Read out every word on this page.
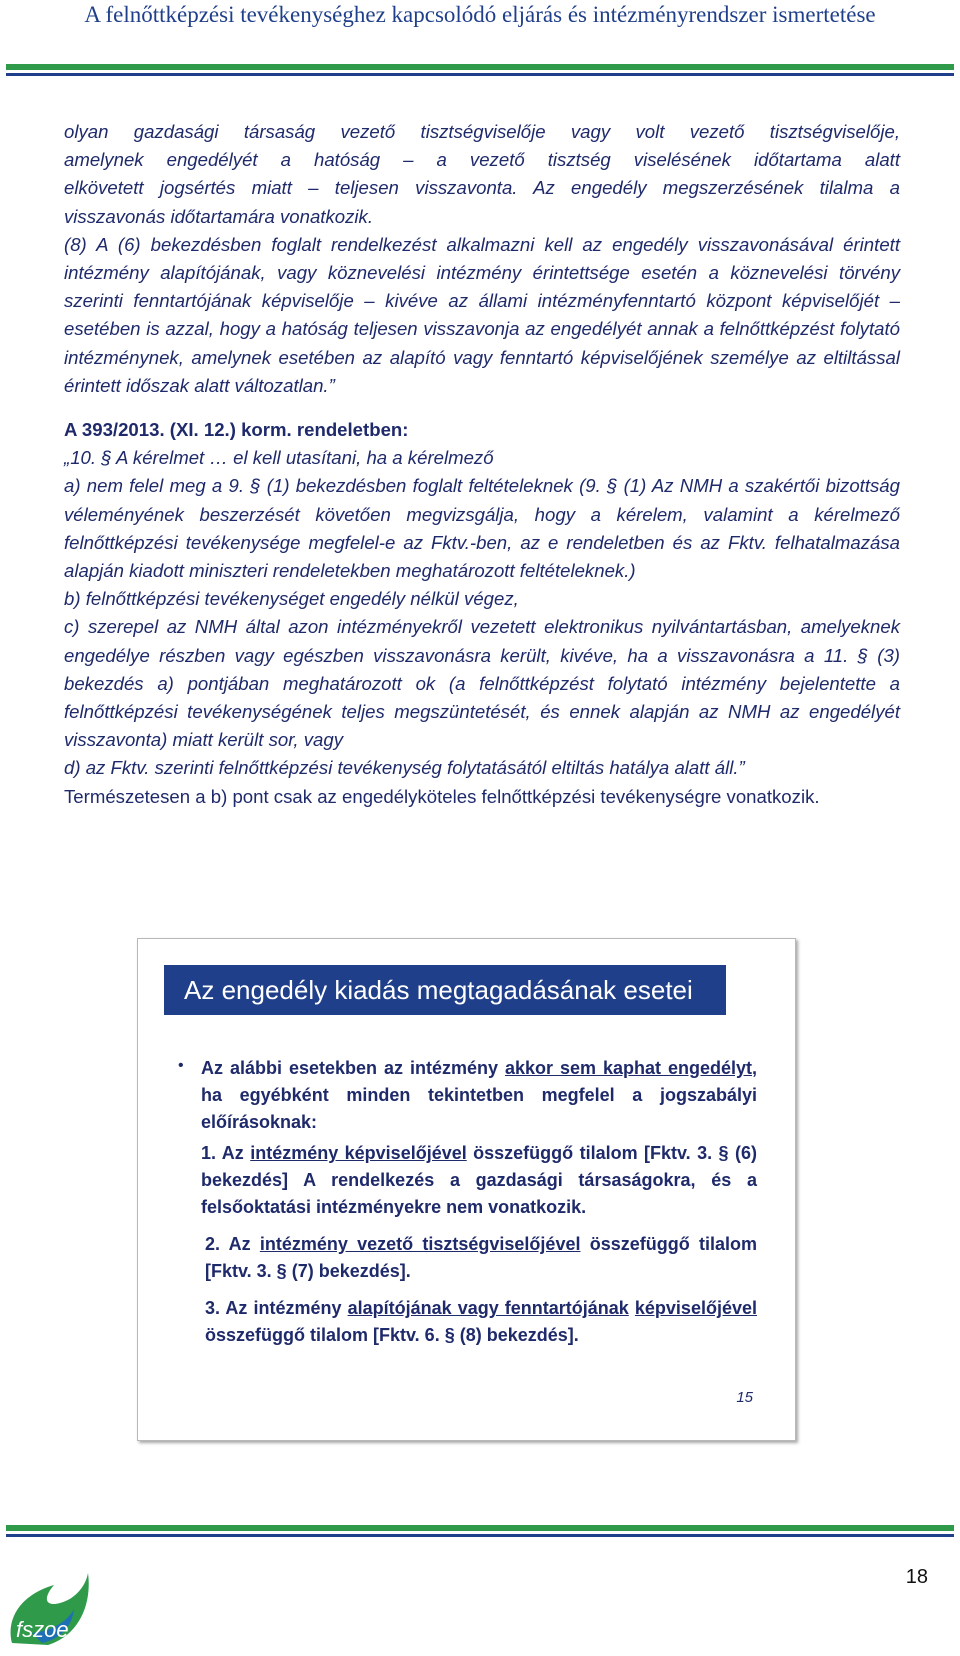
A felnőttképzési tevékenységhez kapcsolódó eljárás és intézményrendszer ismertetése

olyan gazdasági társaság vezető tisztségviselője vagy volt vezető tisztségviselője,

amelynek engedélyét a hatóság – a vezető tisztség viselésének időtartama alatt

elkövetett jogsértés miatt – teljesen visszavonta. Az engedély megszerzésének tilalma a

visszavonás időtartamára vonatkozik.

(8) A (6) bekezdésben foglalt rendelkezést alkalmazni kell az engedély visszavonásával érintett intézmény alapítójának, vagy köznevelési intézmény érintettsége esetén a köznevelési törvény szerinti fenntartójának képviselője – kivéve az állami intézményfenntartó központ képviselőjét – esetében is azzal, hogy a hatóság teljesen visszavonja az engedélyét annak a felnőttképzést folytató intézménynek, amelynek esetében az alapító vagy fenntartó képviselőjének személye az eltiltással érintett időszak alatt változatlan.”

A 393/2013. (XI. 12.) korm. rendeletben:

„10. § A kérelmet … el kell utasítani, ha a kérelmező

a) nem felel meg a 9. § (1) bekezdésben foglalt feltételeknek (9. § (1) Az NMH a szakértői bizottság véleményének beszerzését követően megvizsgálja, hogy a kérelem, valamint a kérelmező felnőttképzési tevékenysége megfelel-e az Fktv.-ben, az e rendeletben és az Fktv. felhatalmazása alapján kiadott miniszteri rendeletekben meghatározott feltételeknek.)

b) felnőttképzési tevékenységet engedély nélkül végez,

c) szerepel az NMH által azon intézményekről vezetett elektronikus nyilvántartásban, amelyeknek engedélye részben vagy egészben visszavonásra került, kivéve, ha a visszavonásra a 11. § (3) bekezdés a) pontjában meghatározott ok (a felnőttképzést folytató intézmény bejelentette a felnőttképzési tevékenységének teljes megszüntetését, és ennek alapján az NMH az engedélyét visszavonta) miatt került sor, vagy

d) az Fktv. szerinti felnőttképzési tevékenység folytatásától eltiltás hatálya alatt áll.”

Természetesen a b) pont csak az engedélyköteles felnőttképzési tevékenységre vonatkozik.

Az engedély kiadás megtagadásának esetei
• Az alábbi esetekben az intézmény akkor sem kaphat engedélyt, ha egyébként minden tekintetben megfelel a jogszabályi előírásoknak:

1. Az intézmény képviselőjével összefüggő tilalom [Fktv. 3. § (6) bekezdés] A rendelkezés a gazdasági társaságokra, és a felsőoktatási intézményekre nem vonatkozik.

2. Az intézmény vezető tisztségviselőjével összefüggő tilalom [Fktv. 3. § (7) bekezdés].

3. Az intézmény alapítójának vagy fenntartójának képviselőjével összefüggő tilalom [Fktv. 6. § (8) bekezdés].

15
fszoe
18
